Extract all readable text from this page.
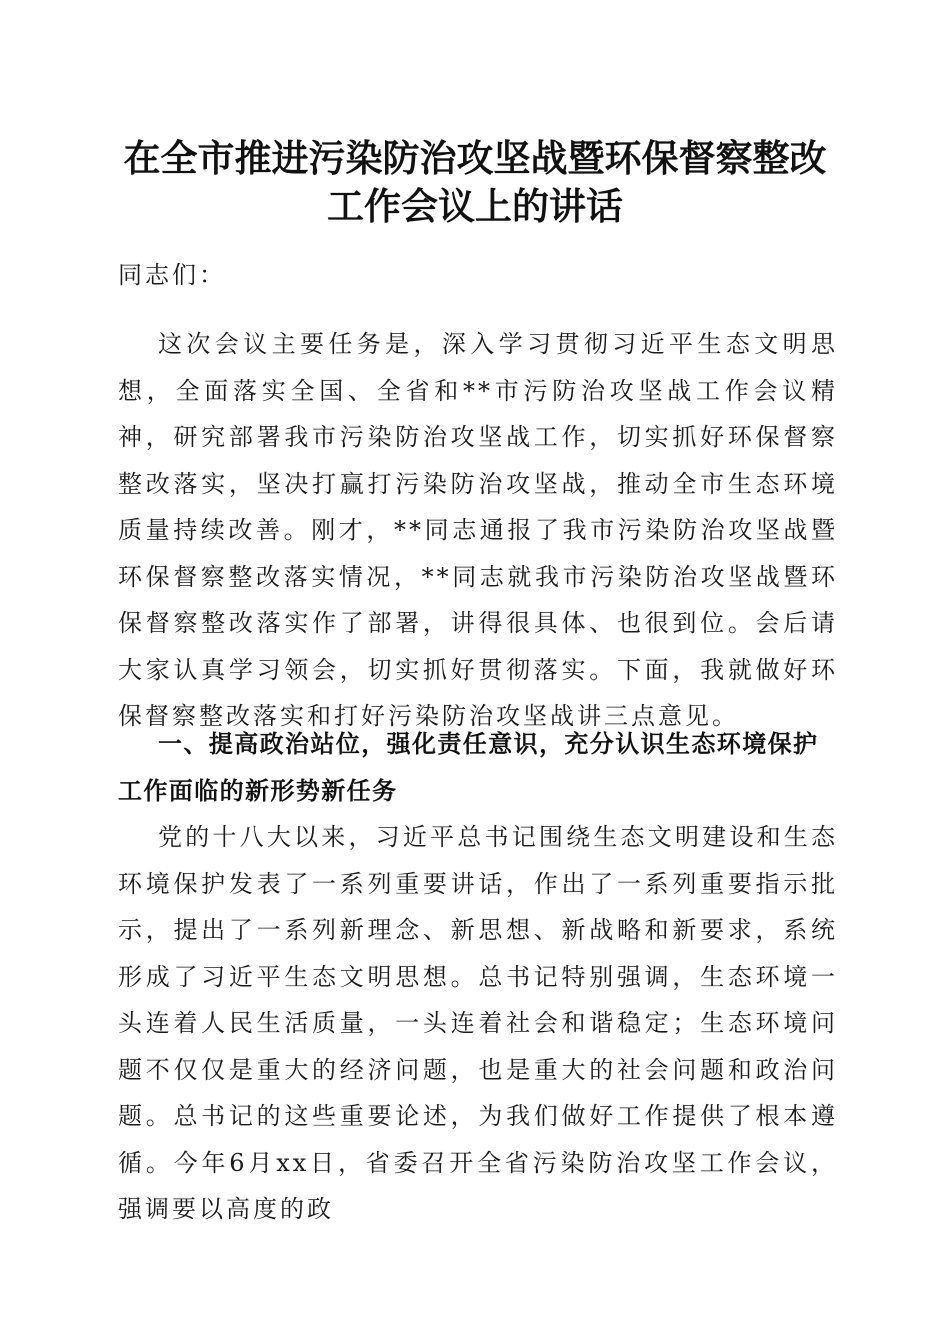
在全市推进污染防治攻坚战暨环保督察整改工作会议上的讲话
同志们：
这次会议主要任务是，深入学习贯彻习近平生态文明思想，全面落实全国、全省和**市污防治攻坚战工作会议精神，研究部署我市污染防治攻坚战工作，切实抓好环保督察整改落实，坚决打赢打污染防治攻坚战，推动全市生态环境质量持续改善。刚才，**同志通报了我市污染防治攻坚战暨环保督察整改落实情况，**同志就我市污染防治攻坚战暨环保督察整改落实作了部署，讲得很具体、也很到位。会后请大家认真学习领会，切实抓好贯彻落实。下面，我就做好环保督察整改落实和打好污染防治攻坚战讲三点意见。
一、提高政治站位，强化责任意识，充分认识生态环境保护工作面临的新形势新任务
党的十八大以来，习近平总书记围绕生态文明建设和生态环境保护发表了一系列重要讲话，作出了一系列重要指示批示，提出了一系列新理念、新思想、新战略和新要求，系统形成了习近平生态文明思想。总书记特别强调，生态环境一头连着人民生活质量，一头连着社会和谐稳定；生态环境问题不仅仅是重大的经济问题，也是重大的社会问题和政治问题。总书记的这些重要论述，为我们做好工作提供了根本遵循。今年6月xx日，省委召开全省污染防治攻坚工作会议，强调要以高度的政
